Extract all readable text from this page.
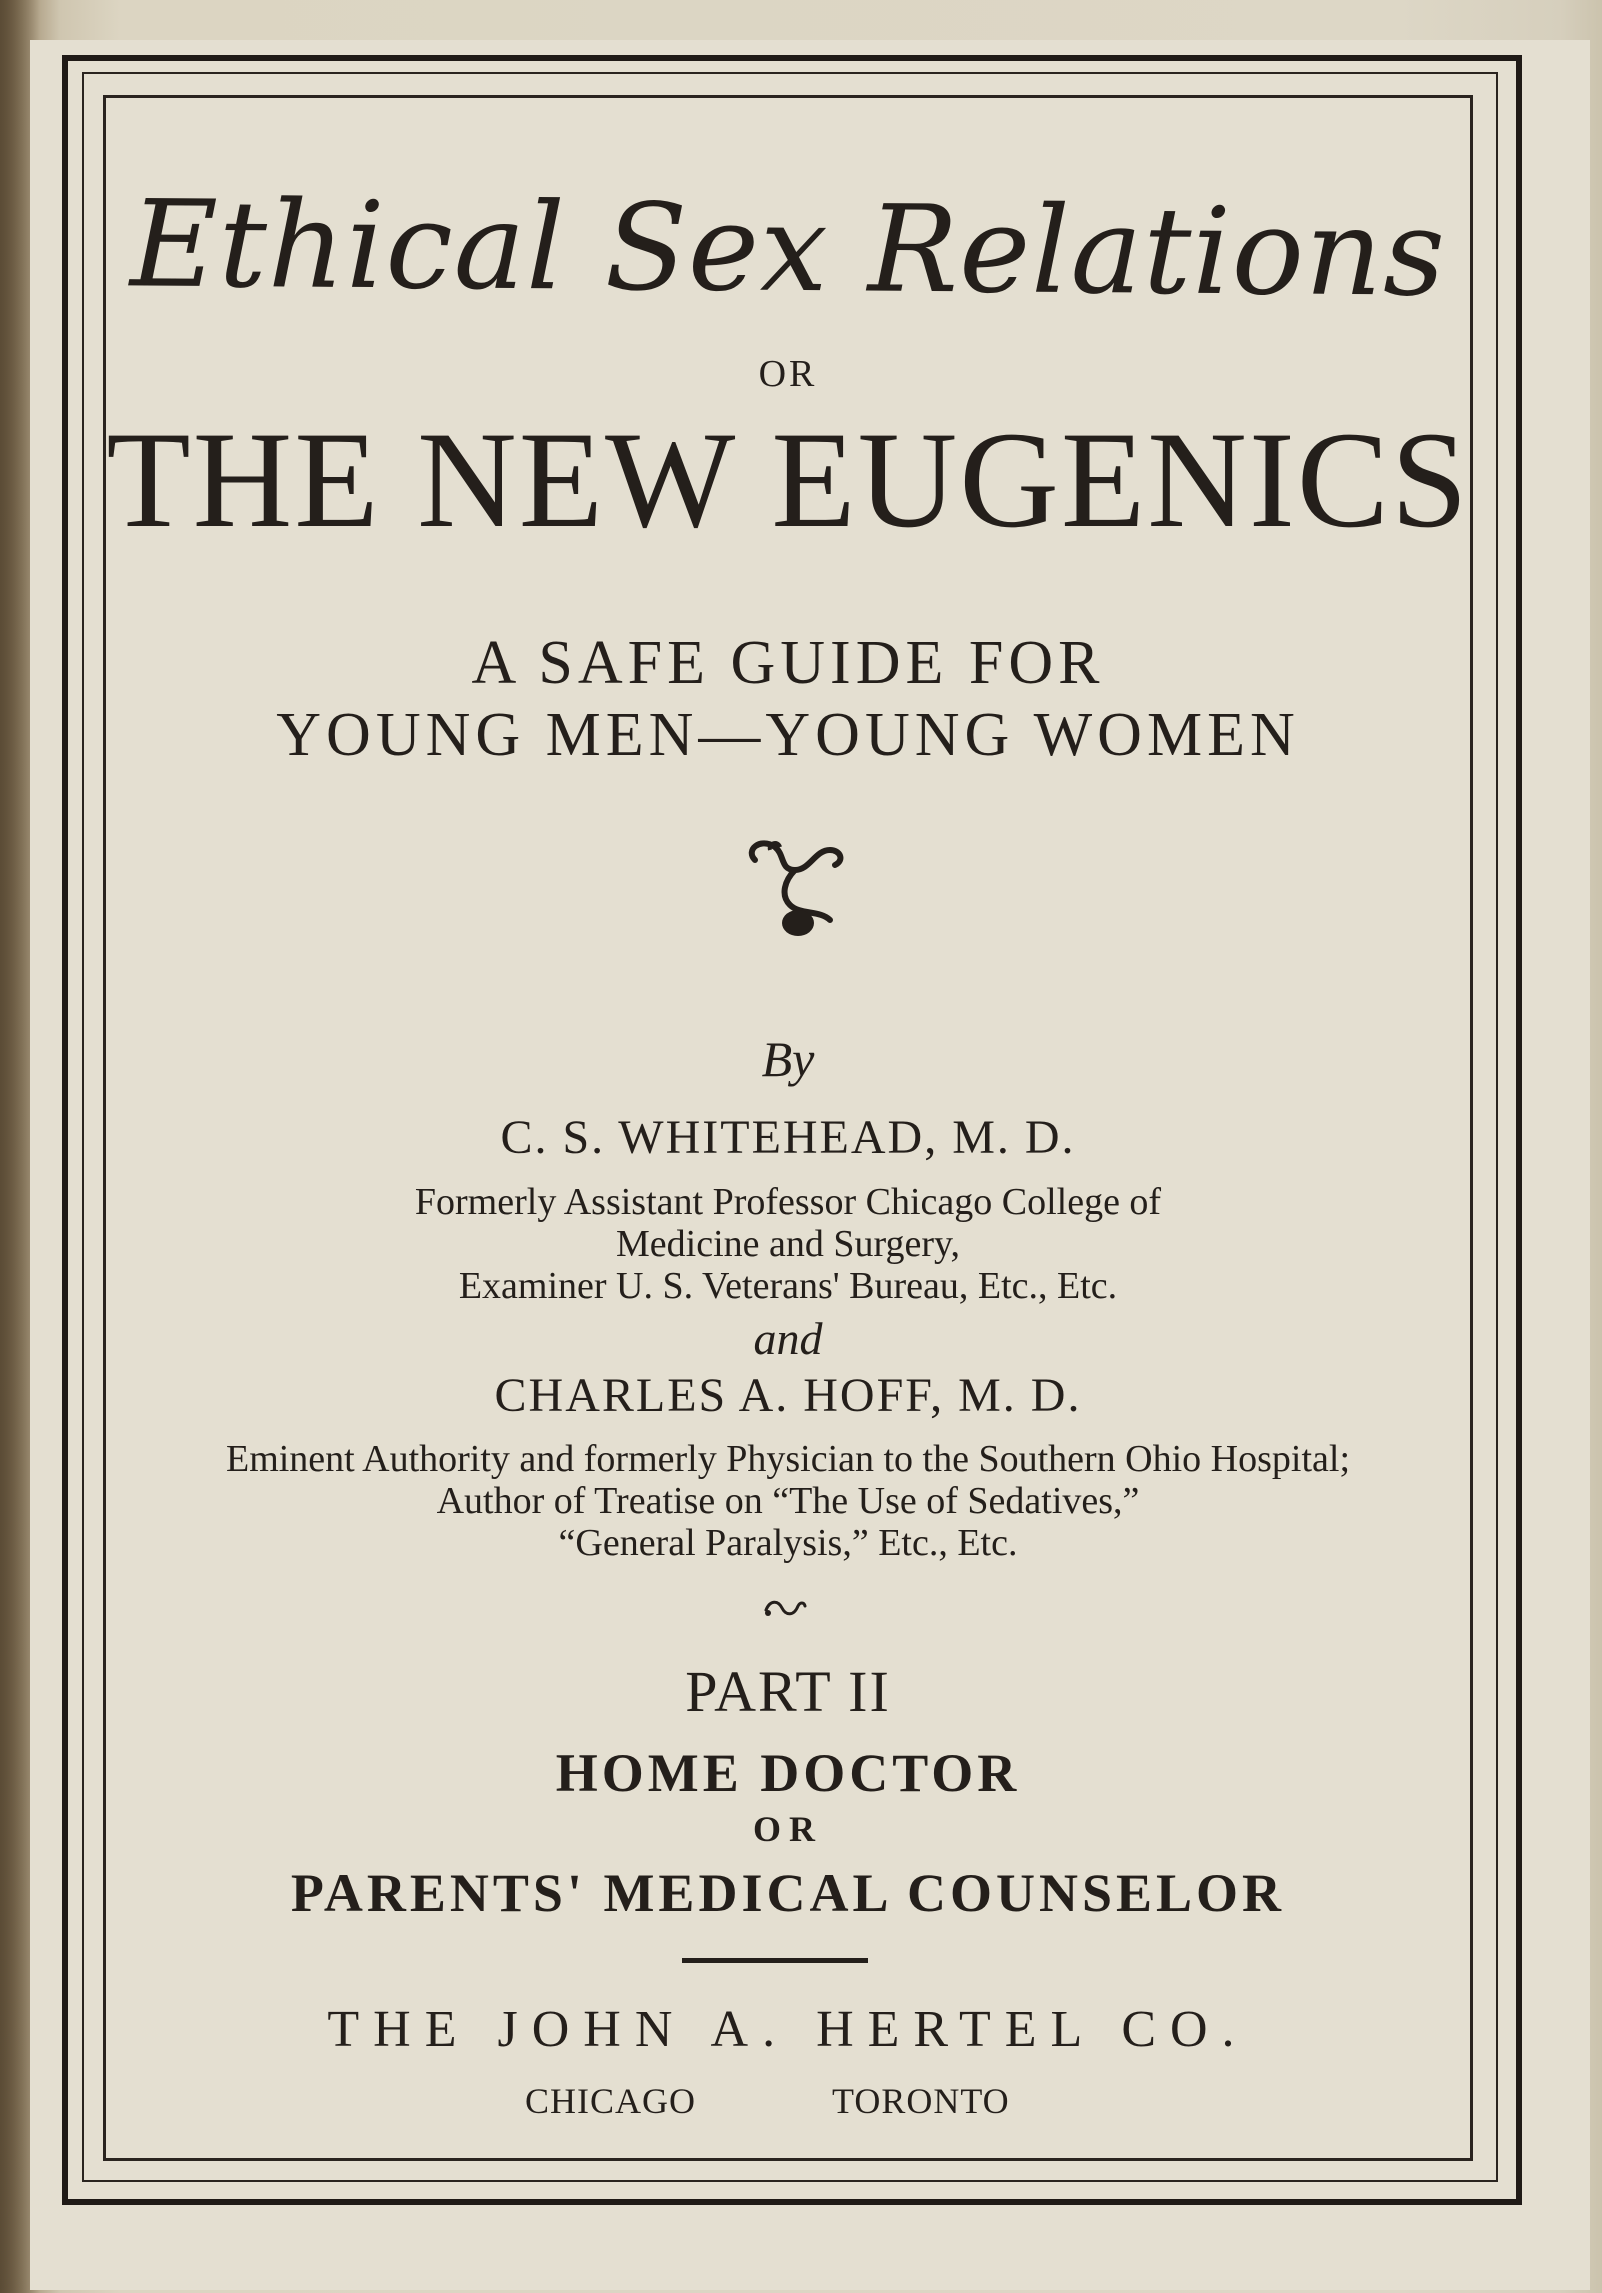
Ethical Sex Relations
OR
THE NEW EUGENICS
A SAFE GUIDE FOR
YOUNG MEN—YOUNG WOMEN
By
C. S. WHITEHEAD, M. D.
Formerly Assistant Professor Chicago College of
Medicine and Surgery,
Examiner U. S. Veterans' Bureau, Etc., Etc.
and
CHARLES A. HOFF, M. D.
Eminent Authority and formerly Physician to the Southern Ohio Hospital;
Author of Treatise on “The Use of Sedatives,”
“General Paralysis,” Etc., Etc.
PART II
HOME DOCTOR
OR
PARENTS' MEDICAL COUNSELOR
THE JOHN A. HERTEL CO.
CHICAGO	TORONTO
